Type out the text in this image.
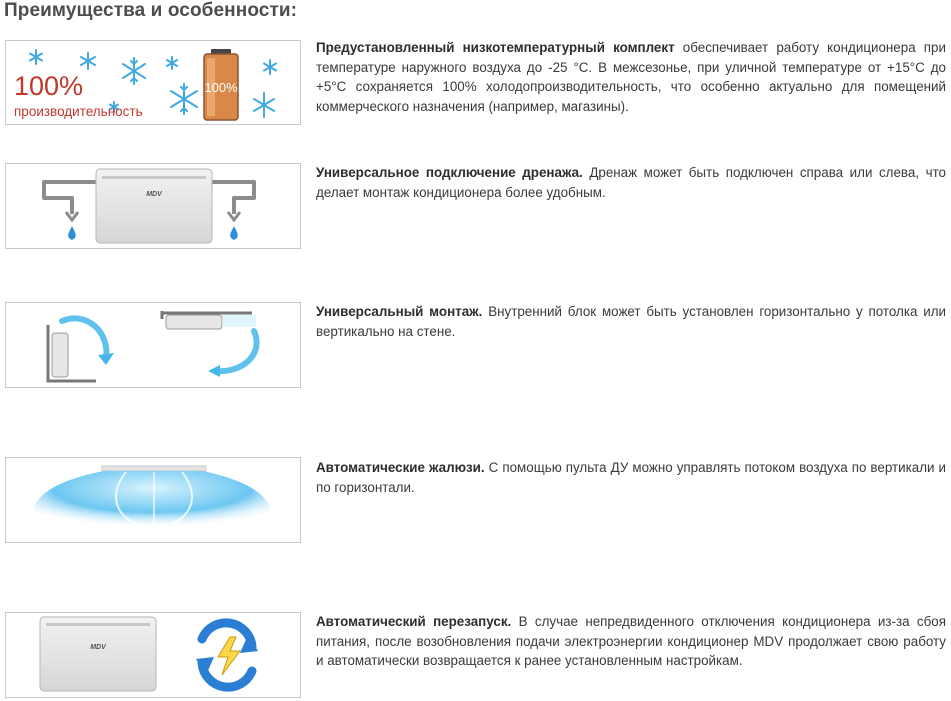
Преимущества и особенности:
100%
100%
производительность
Предустановленный низкотемпературный комплект обеспечивает работу кондиционера при температуре наружного воздуха до -25 °С. В межсезонье, при уличной температуре от +15°С до +5°С сохраняется 100% холодопроизводительность, что особенно актуально для помещений коммерческого назначения (например, магазины).
MDV
Универсальное подключение дренажа. Дренаж может быть подключен справа или слева, что делает монтаж кондиционера более удобным.
Универсальный монтаж. Внутренний блок может быть установлен горизонтально у потолка или вертикально на стене.
Автоматические жалюзи. С помощью пульта ДУ можно управлять потоком воздуха по вертикали и по горизонтали.
MDV
Автоматический перезапуск. В случае непредвиденного отключения кондиционера из-за сбоя питания, после возобновления подачи электроэнергии кондиционер MDV продолжает свою работу и автоматически возвращается к ранее установленным настройкам.
